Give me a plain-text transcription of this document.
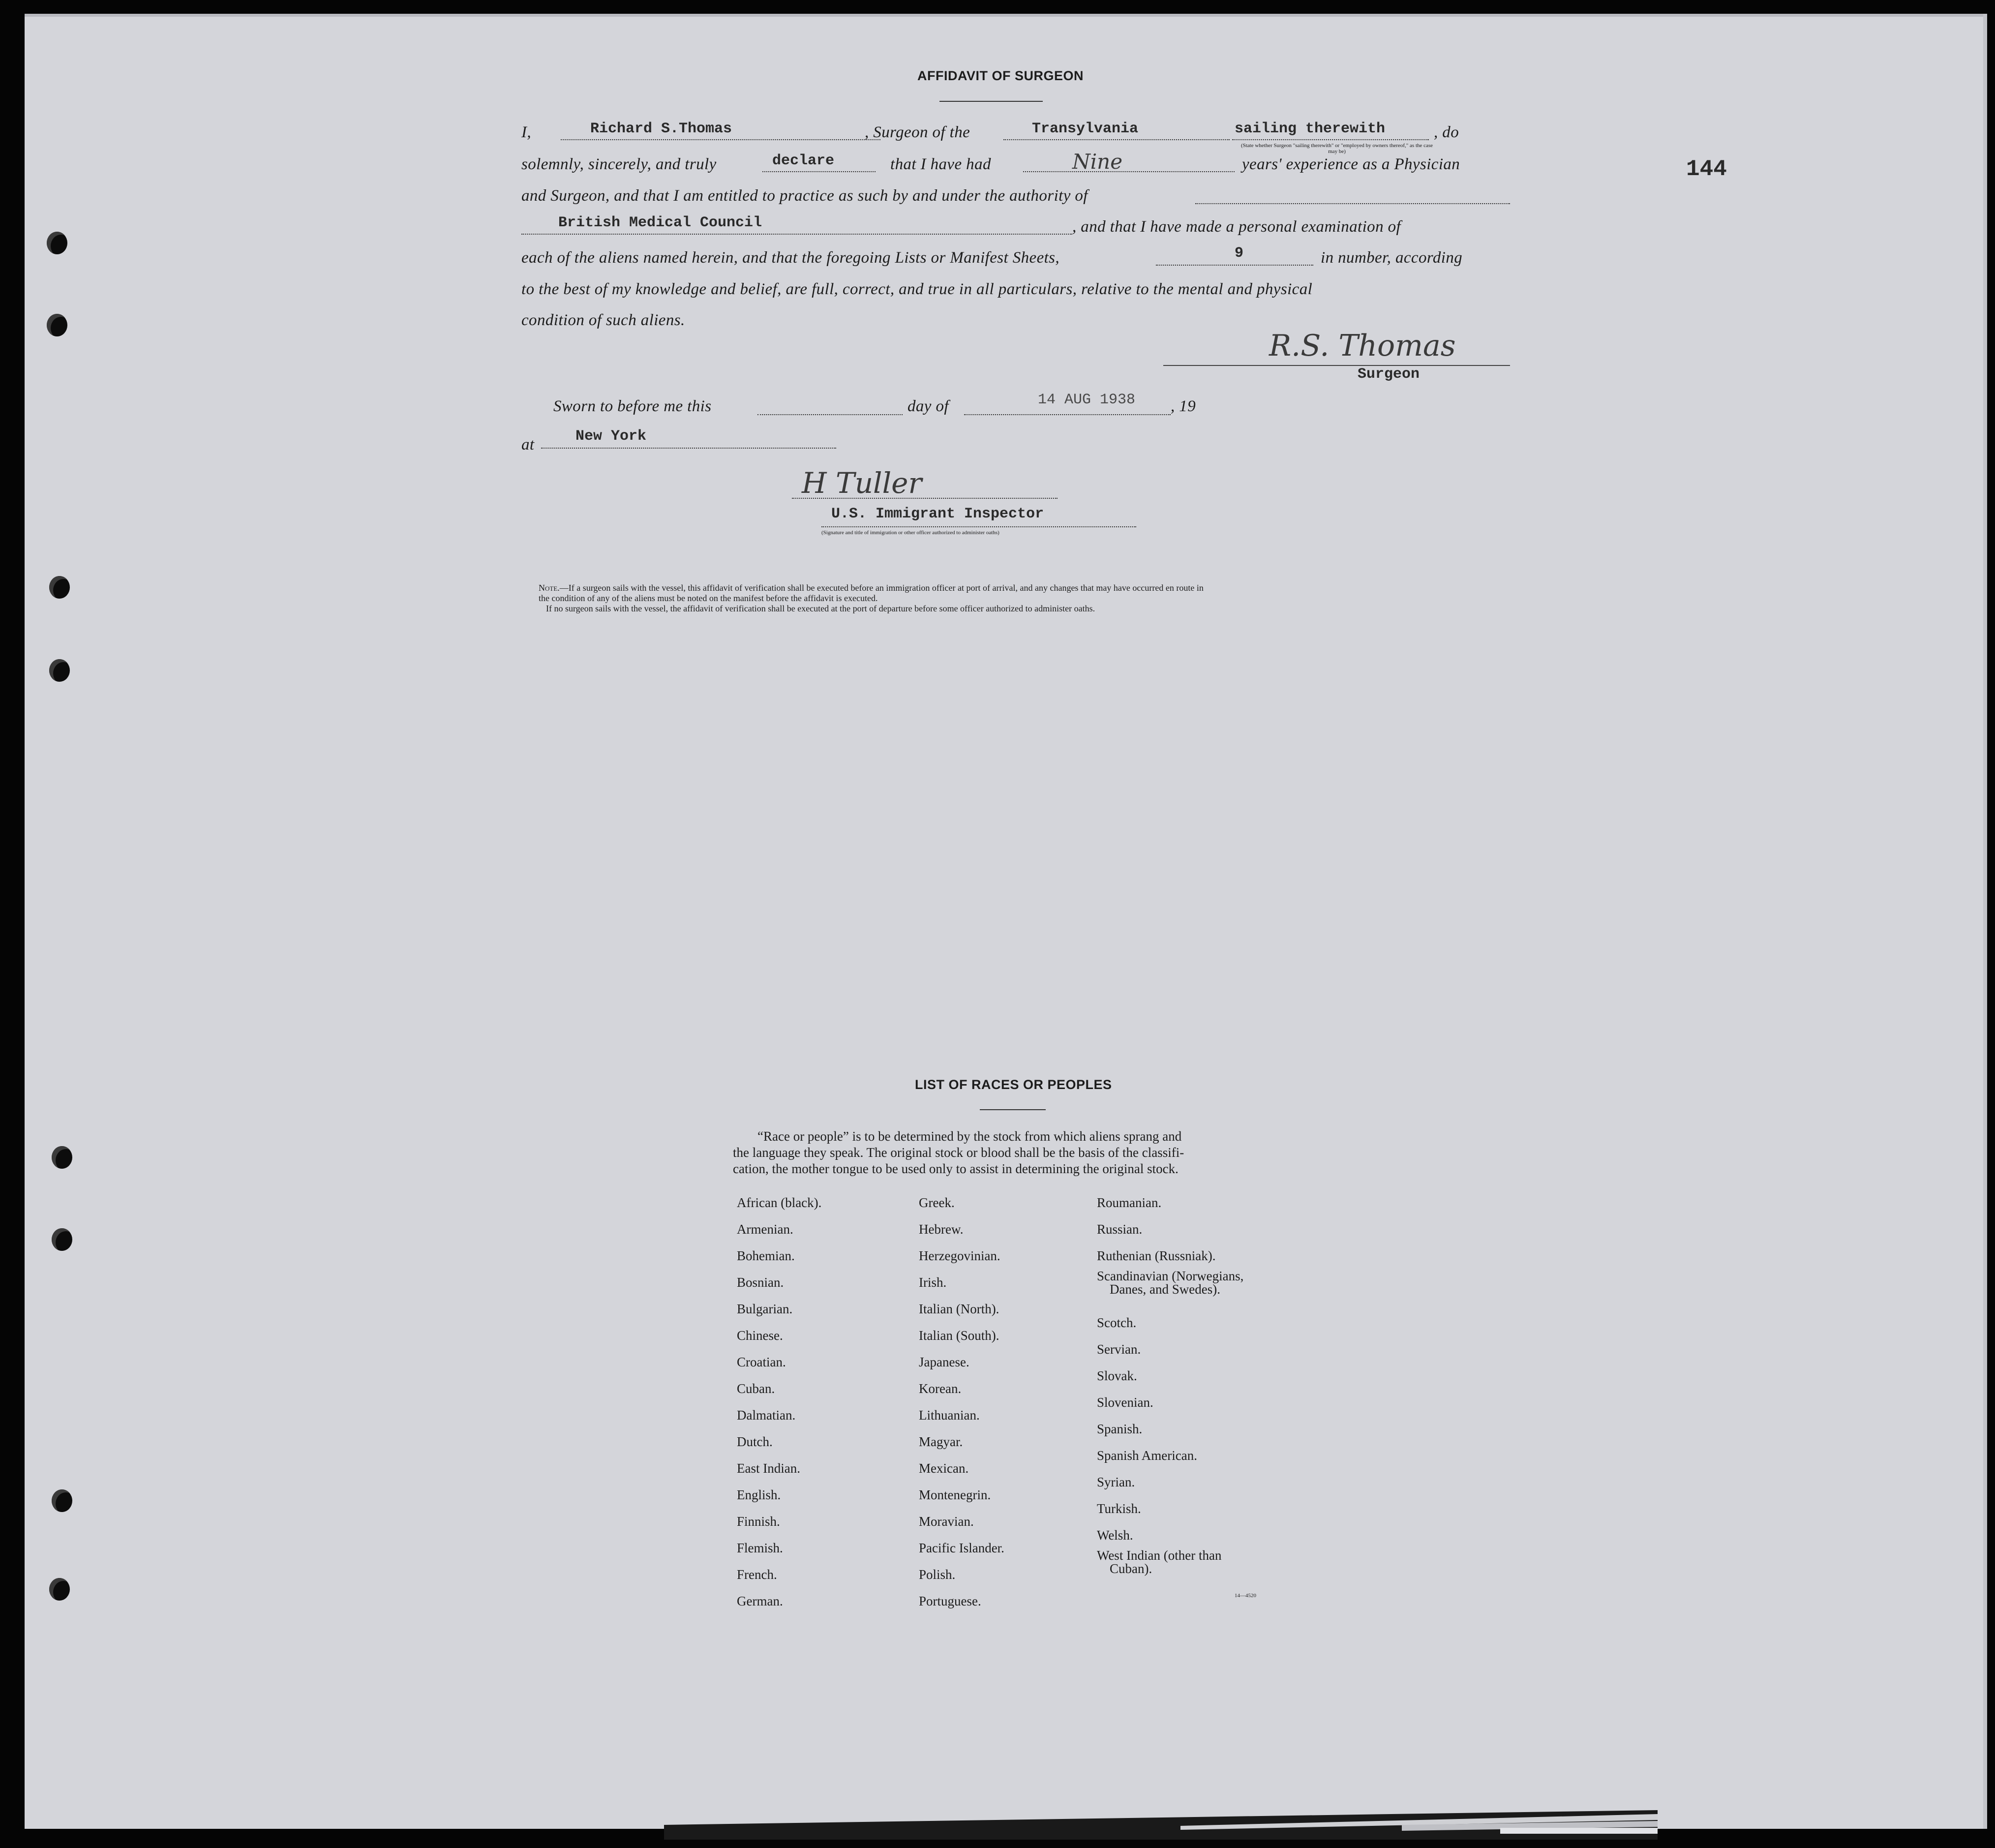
144
AFFIDAVIT OF SURGEON
I,	Richard S.Thomas	, Surgeon of the	Transylvania	sailing therewith	, do
(State whether Surgeon "sailing therewith" or "employed by owners thereof," as the case may be)
solemnly, sincerely, and truly	declare	that I have had	Nine	years' experience as a Physician
and Surgeon, and that I am entitled to practice as such by and under the authority of
British Medical Council	, and that I have made a personal examination of
each of the aliens named herein, and that the foregoing Lists or Manifest Sheets,	9	in number, according
to the best of my knowledge and belief, are full, correct, and true in all particulars, relative to the mental and physical
condition of such aliens.
R.S. Thomas
Surgeon
Sworn to before me this	day of	14 AUG 1938 , 19
at	New York
H Tuller
U.S. Immigrant Inspector
(Signature and title of immigration or other officer authorized to administer oaths)
Note.—If a surgeon sails with the vessel, this affidavit of verification shall be executed before an immigration officer at port of arrival, and any changes that may have occurred en route in
the condition of any of the aliens must be noted on the manifest before the affidavit is executed.
If no surgeon sails with the vessel, the affidavit of verification shall be executed at the port of departure before some officer authorized to administer oaths.
LIST OF RACES OR PEOPLES
“Race or people” is to be determined by the stock from which aliens sprang and
the language they speak. The original stock or blood shall be the basis of the classifi-
cation, the mother tongue to be used only to assist in determining the original stock.
African (black).
Armenian.
Bohemian.
Bosnian.
Bulgarian.
Chinese.
Croatian.
Cuban.
Dalmatian.
Dutch.
East Indian.
English.
Finnish.
Flemish.
French.
German.
Greek.
Hebrew.
Herzegovinian.
Irish.
Italian (North).
Italian (South).
Japanese.
Korean.
Lithuanian.
Magyar.
Mexican.
Montenegrin.
Moravian.
Pacific Islander.
Polish.
Portuguese.
Roumanian.
Russian.
Ruthenian (Russniak).
Scandinavian (Norwegians,
Danes, and Swedes).
Scotch.
Servian.
Slovak.
Slovenian.
Spanish.
Spanish American.
Syrian.
Turkish.
Welsh.
West Indian (other than
Cuban).
14—4520
